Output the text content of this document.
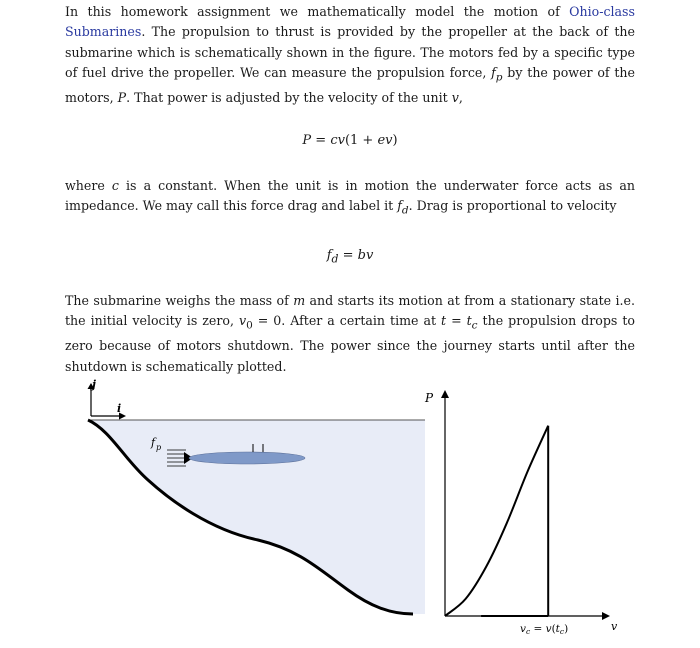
In this homework assignment we mathematically model the motion of Ohio-class Submarines. The propulsion to thrust is provided by the propeller at the back of the submarine which is schematically shown in the figure. The motors fed by a specific type of fuel drive the propeller. We can measure the propulsion force, $f_p$ by the power of the motors, P. That power is adjusted by the velocity of the unit v,

P = cv(1 + ev)

where c is a constant. When the unit is in motion the underwater force acts as an impedance. We may call this force drag and label it $f_d$. Drag is proportional to velocity

$f_d$ = bv

The submarine weighs the mass of m and starts its motion at from a stationary state i.e. the initial velocity is zero, $v_0 = 0$. After a certain time at $t = t_c$ the propulsion drops to zero because of motors shutdown. The power since the journey starts until after the shutdown is schematically plotted.

j
i
f p
P
v
vc = v(tc)
